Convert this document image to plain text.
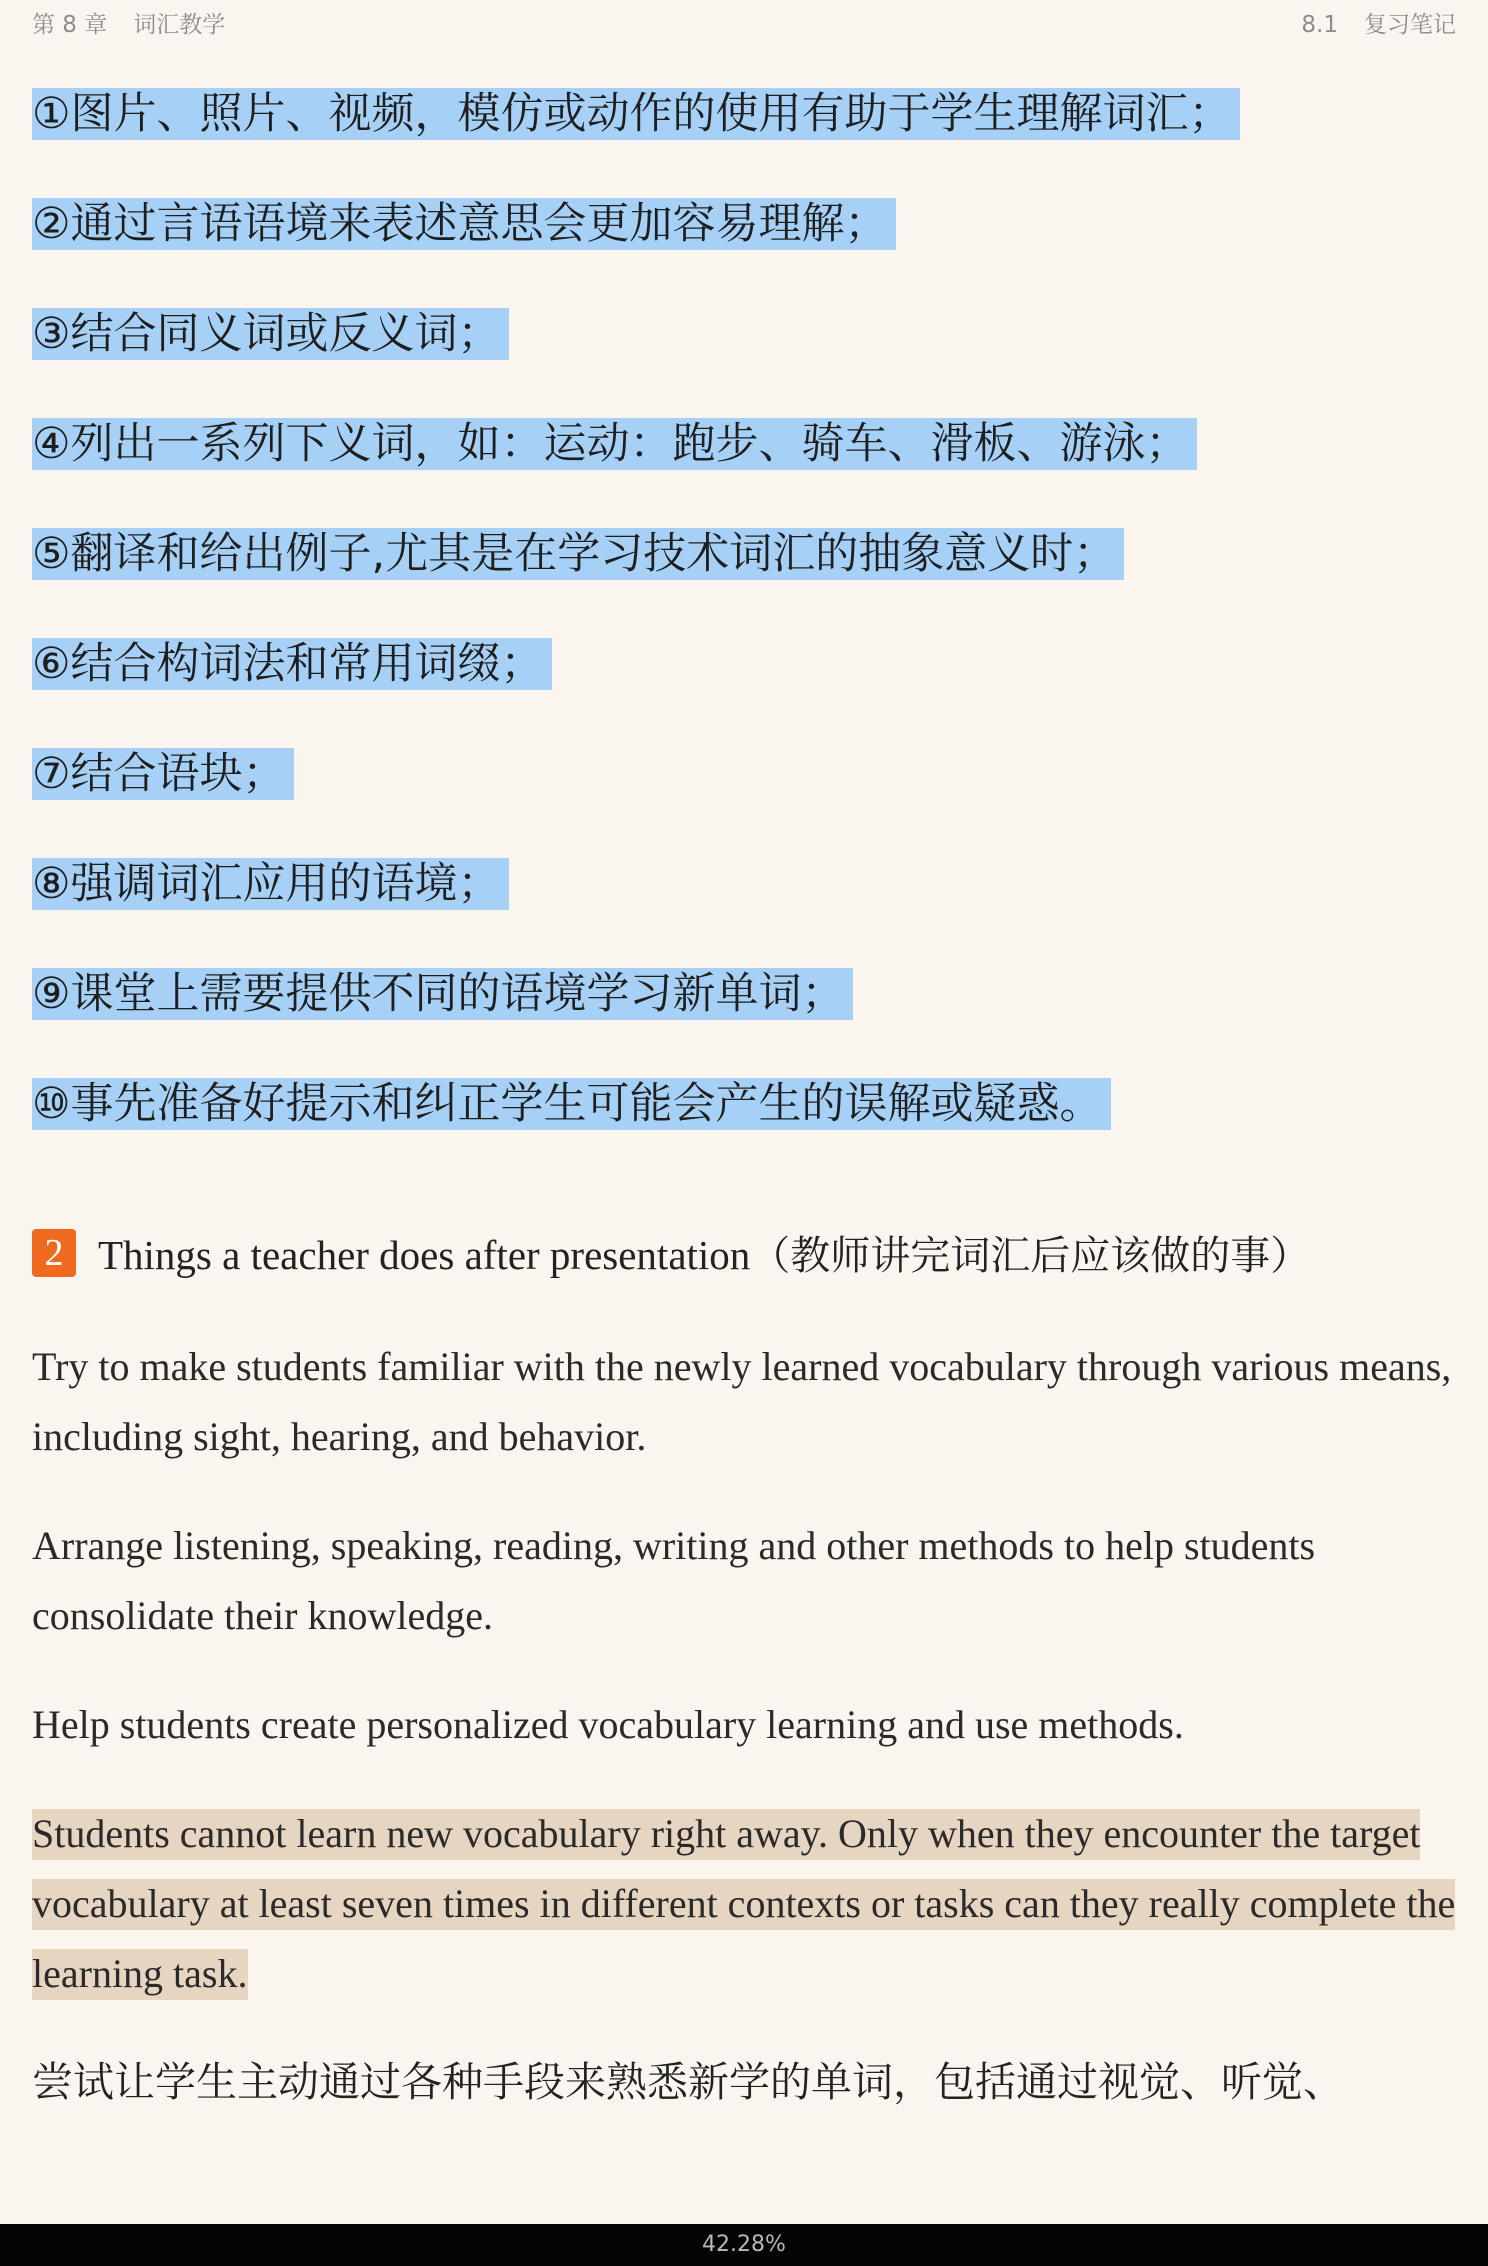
第 8 章 词汇教学	8.1 复习笔记
①图片、照片、视频，模仿或动作的使用有助于学生理解词汇；
②通过言语语境来表述意思会更加容易理解；
③结合同义词或反义词；
④列出一系列下义词，如：运动：跑步、骑车、滑板、游泳；
⑤翻译和给出例子,尤其是在学习技术词汇的抽象意义时；
⑥结合构词法和常用词缀；
⑦结合语块；
⑧强调词汇应用的语境；
⑨课堂上需要提供不同的语境学习新单词；
⑩事先准备好提示和纠正学生可能会产生的误解或疑惑。
2 Things a teacher does after presentation（教师讲完词汇后应该做的事）
Try to make students familiar with the newly learned vocabulary through various means, including sight, hearing, and behavior.
Arrange listening, speaking, reading, writing and other methods to help students consolidate their knowledge.
Help students create personalized vocabulary learning and use methods.
Students cannot learn new vocabulary right away. Only when they encounter the target vocabulary at least seven times in different contexts or tasks can they really complete the learning task.
尝试让学生主动通过各种手段来熟悉新学的单词，包括通过视觉、听觉、
42.28%
